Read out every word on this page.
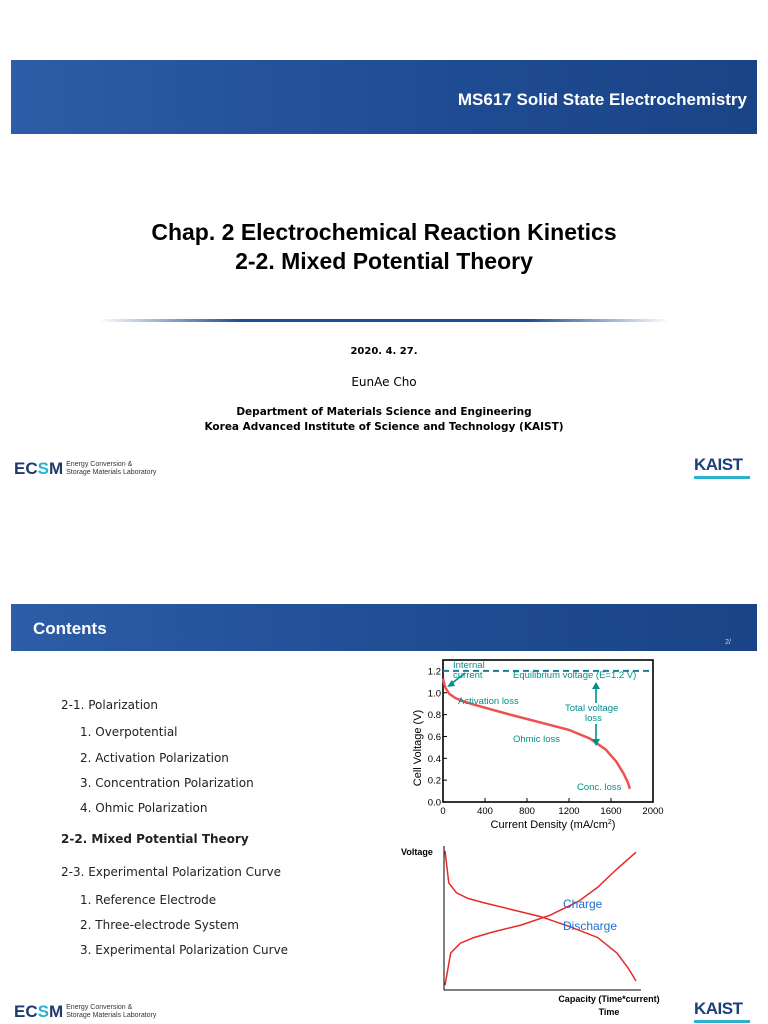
MS617 Solid State Electrochemistry
Chap. 2 Electrochemical Reaction Kinetics
2-2. Mixed Potential Theory
2020. 4. 27.
EunAe Cho
Department of Materials Science and Engineering
Korea Advanced Institute of Science and Technology (KAIST)
ECSM Energy Conversion &
Storage Materials Laboratory	KAIST
Contents
2/
2-1. Polarization
1. Overpotential
2. Activation Polarization
3. Concentration Polarization
4. Ohmic Polarization
2-2. Mixed Potential Theory
2-3. Experimental Polarization Curve
1. Reference Electrode
2. Three-electrode System
3. Experimental Polarization Curve
0.0
0.2
0.4
0.6
0.8
1.0
1.2
0	400	800 1200 1600 2000
Internal
current	Equilibrium voltage (E=1.2 V)
Activation loss
Total voltage
loss
Ohmic loss
Conc. loss
Cell Voltage (V)
Current Density $(mA/cm^2)$
Voltage
Charge
Discharge
Capacity (Time*current)
Time
ECSM Energy Conversion &
Storage Materials Laboratory	KAIST
